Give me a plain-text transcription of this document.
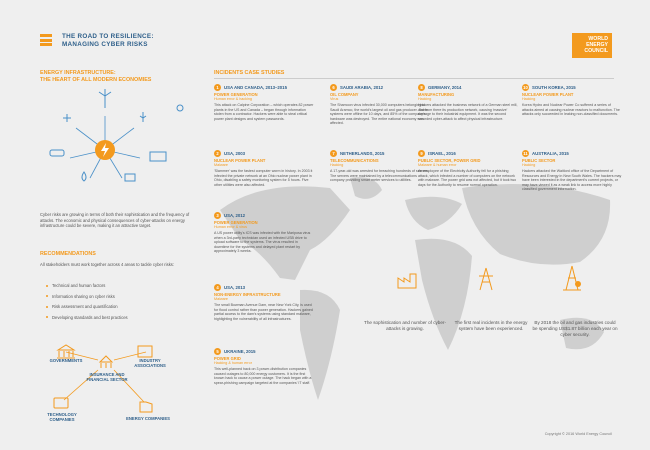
THE ROAD TO RESILIENCE:
MANAGING CYBER RISKS
WORLD
ENERGY
COUNCIL
ENERGY INFRASTRUCTURE:
THE HEART OF ALL MODERN ECONOMIES
Cyber risks are growing in terms of both their sophistication and the frequency of attacks. The economic and physical consequences of cyber-attacks on energy infrastructure could be severe, making it an attractive target.
RECOMMENDATIONS
All stakeholders must work together across 4 areas to tackle cyber risks:
Technical and human factors
Information sharing on cyber risks
Risk assessment and quantification
Developing standards and best practices
GOVERNMENTS	INDUSTRY ASSOCIATIONS
INSURANCE AND FINANCIAL SECTOR
TECHNOLOGY COMPANIES	ENERGY COMPANIES
INCIDENTS CASE STUDIES
1	USA AND CANADA, 2013–2015
POWER GENERATION
Human error & hacking
This attack on Calpine Corporation – which operates 82 power plants in the US and Canada – began through information stolen from a contractor. Hackers were able to steal critical power plant designs and system passwords.
2	USA, 2003
NUCLEAR POWER PLANT
Malware
'Slammer' was the fastest computer worm in history. In 2003 it infected the private network at an Ohio nuclear power plant in Ohio, disabling a safety monitoring system for 5 hours. Five other utilities were also affected.
3	USA, 2012
POWER GENERATION
Human error & virus
A US power utility's ICS was infected with the Mariposa virus when a 3rd-party technician used an infected USB drive to upload software to the systems. The virus resulted in downtime for the systems and delayed plant restart by approximately 3 weeks.
4	USA, 2013
NON-ENERGY INFRASTRUCTURE
Malware
The small Bowman Avenue Dam, near New York City, is used for flood control rather than power generation. Hackers gained partial access to the dam's systems using standard malware, highlighting the vulnerability of all infrastructures.
5	UKRAINE, 2015
POWER GRID
Hacking & human error
This well-planned hack on 3 power-distribution companies caused outages to 80,000 energy customers. It is the first known hack to cause a power outage. The hack began with a spear-phishing campaign targeted at the companies' IT staff.
6	SAUDI ARABIA, 2012
OIL COMPANY
Virus
The Shamoon virus infected 30,000 computers belonging to Saudi Aramco, the world's largest oil and gas producer. Some systems were offline for 10 days, and 85% of the company's hardware was destroyed. The entire national economy was affected.
7	NETHERLANDS, 2015
TELECOMMUNICATIONS
Hacking
A 17-year-old was arrested for breaching hundreds of servers. The servers were maintained by a telecommunications company providing smart meter services to utilities.
8	GERMANY, 2014
MANUFACTURING
Hacking
Hackers attacked the business network of a German steel mill, and from there its production network, causing 'massive' damage to their industrial equipment. It was the second recorded cyber-attack to affect physical infrastructure.
9	ISRAEL, 2016
PUBLIC SECTOR, POWER GRID
Malware & human error
An employee of the Electricity Authority fell for a phishing attack, which infected a number of computers on the network with malware. The power grid was not affected, but it took two days for the Authority to resume normal operation.
10 SOUTH KOREA, 2015
NUCLEAR POWER PLANT
Hacking
Korea Hydro and Nuclear Power Co suffered a series of attacks aimed at causing nuclear reactors to malfunction. The attacks only succeeded in leaking non-classified documents.
11 AUSTRALIA, 2015
PUBLIC SECTOR
Hacking
Hackers attacked the Waitlord office of the Department of Resources and Energy in New South Wales. The hackers may have been interested in the department's current projects, or may have viewed it as a weak link to access more highly classified government information.
The sophistication and number of cyber-attacks is growing.
The first real incidents in the energy system have been experienced.
By 2018 the oil and gas industries could be spending US$1.87 billion each year on cyber security.
Copyright © 2016 World Energy Council
